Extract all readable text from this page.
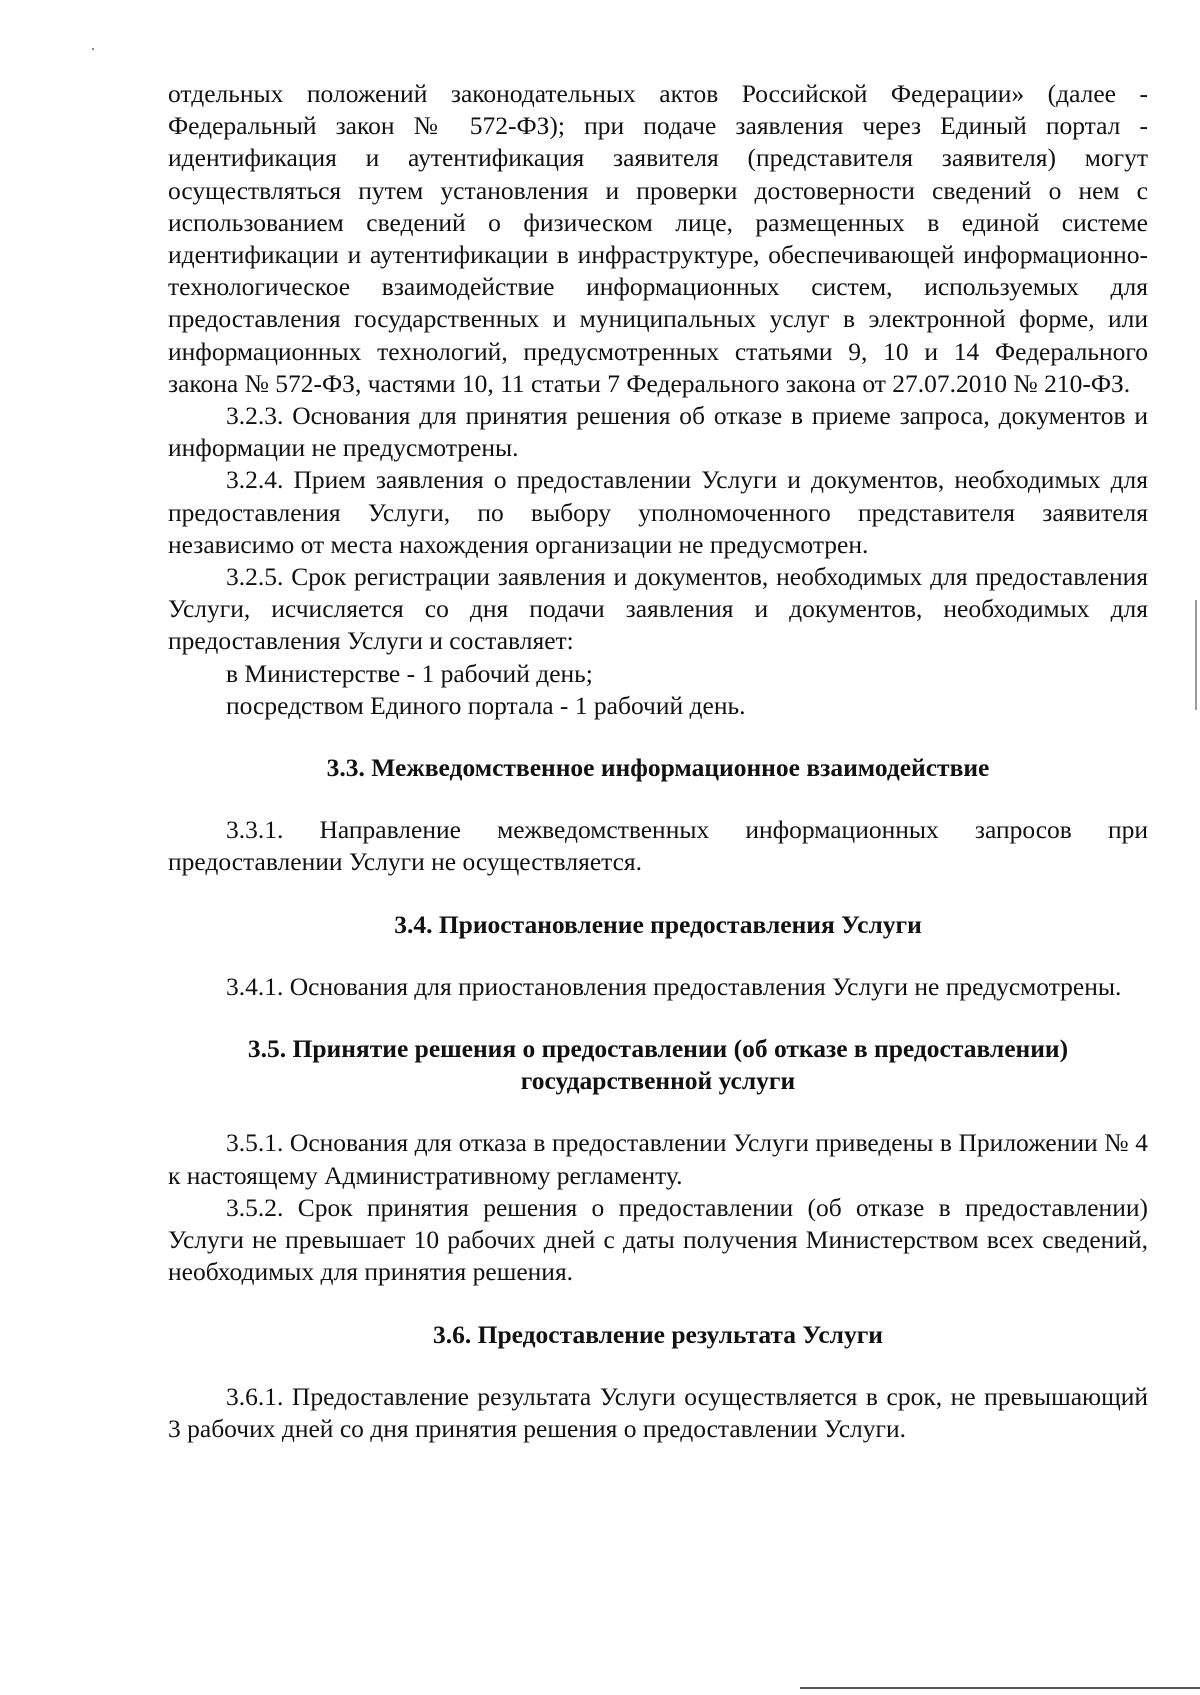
отдельных положений законодательных актов Российской Федерации» (далее - Федеральный закон № 572-ФЗ); при подаче заявления через Единый портал - идентификация и аутентификация заявителя (представителя заявителя) могут осуществляться путем установления и проверки достоверности сведений о нем с использованием сведений о физическом лице, размещенных в единой системе идентификации и аутентификации в инфраструктуре, обеспечивающей информационно-технологическое взаимодействие информационных систем, используемых для предоставления государственных и муниципальных услуг в электронной форме, или информационных технологий, предусмотренных статьями 9, 10 и 14 Федерального закона № 572-ФЗ, частями 10, 11 статьи 7 Федерального закона от 27.07.2010 № 210-ФЗ.

3.2.3. Основания для принятия решения об отказе в приеме запроса, документов и информации не предусмотрены.

3.2.4. Прием заявления о предоставлении Услуги и документов, необходимых для предоставления Услуги, по выбору уполномоченного представителя заявителя независимо от места нахождения организации не предусмотрен.

3.2.5. Срок регистрации заявления и документов, необходимых для предоставления Услуги, исчисляется со дня подачи заявления и документов, необходимых для предоставления Услуги и составляет:

в Министерстве - 1 рабочий день;

посредством Единого портала - 1 рабочий день.

3.3. Межведомственное информационное взаимодействие

3.3.1. Направление межведомственных информационных запросов при предоставлении Услуги не осуществляется.

3.4. Приостановление предоставления Услуги

3.4.1. Основания для приостановления предоставления Услуги не предусмотрены.

3.5. Принятие решения о предоставлении (об отказе в предоставлении) государственной услуги

3.5.1. Основания для отказа в предоставлении Услуги приведены в Приложении № 4 к настоящему Административному регламенту.

3.5.2. Срок принятия решения о предоставлении (об отказе в предоставлении) Услуги не превышает 10 рабочих дней с даты получения Министерством всех сведений, необходимых для принятия решения.

3.6. Предоставление результата Услуги

3.6.1. Предоставление результата Услуги осуществляется в срок, не превышающий 3 рабочих дней со дня принятия решения о предоставлении Услуги.
